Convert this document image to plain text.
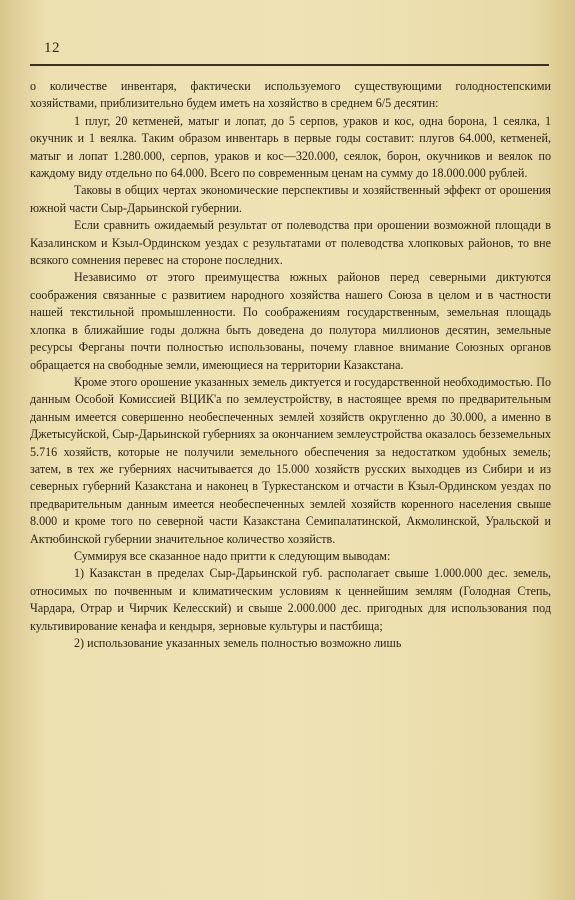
12

о количестве инвентаря, фактически используемого существующими голодностепскими хозяйствами, приблизительно будем иметь на хозяйство в среднем 6/5 десятин:

1 плуг, 20 кетменей, матыг и лопат, до 5 серпов, ураков и кос, одна борона, 1 сеялка, 1 окучник и 1 веялка. Таким образом инвентарь в первые годы составит: плугов 64.000, кетменей, матыг и лопат 1.280.000, серпов, ураков и кос—320.000, сеялок, борон, окучников и веялок по каждому виду отдельно по 64.000. Всего по современным ценам на сумму до 18.000.000 рублей.

Таковы в общих чертах экономические перспективы и хозяйственный эффект от орошения южной части Сыр-Дарьинской губернии.

Если сравнить ожидаемый результат от полеводства при орошении возможной площади в Казалинском и Кзыл-Ординском уездах с результатами от полеводства хлопковых районов, то вне всякого сомнения перевес на стороне последних.

Независимо от этого преимущества южных районов перед северными диктуются соображения связанные с развитием народного хозяйства нашего Союза в целом и в частности нашей текстильной промышленности. По соображениям государственным, земельная площадь хлопка в ближайшие годы должна быть доведена до полутора миллионов десятин, земельные ресурсы Ферганы почти полностью использованы, почему главное внимание Союзных органов обращается на свободные земли, имеющиеся на территории Казакстана.

Кроме этого орошение указанных земель диктуется и государственной необходимостью. По данным Особой Комиссией ВЦИК'а по землеустройству, в настоящее время по предварительным данным имеется совершенно необеспеченных землей хозяйств округленно до 30.000, а именно в Джетысуйской, Сыр-Дарьинской губерниях за окончанием землеустройства оказалось безземельных 5.716 хозяйств, которые не получили земельного обеспечения за недостатком удобных земель; затем, в тех же губерниях насчитывается до 15.000 хозяйств русских выходцев из Сибири и из северных губерний Казакстана и наконец в Туркестанском и отчасти в Кзыл-Ординском уездах по предварительным данным имеется необеспеченных землей хозяйств коренного населения свыше 8.000 и кроме того по северной части Казакстана Семипалатинской, Акмолинской, Уральской и Актюбинской губернии значительное количество хозяйств.

Суммируя все сказанное надо притти к следующим выводам:

1) Казакстан в пределах Сыр-Дарьинской губ. располагает свыше 1.000.000 дес. земель, относимых по почвенным и климатическим условиям к ценнейшим землям (Голодная Степь, Чардара, Отрар и Чирчик Келесский) и свыше 2.000.000 дес. пригодных для использования под культивирование кенафа и кендыря, зерновые культуры и пастбища;

2) использование указанных земель полностью возможно лишь
